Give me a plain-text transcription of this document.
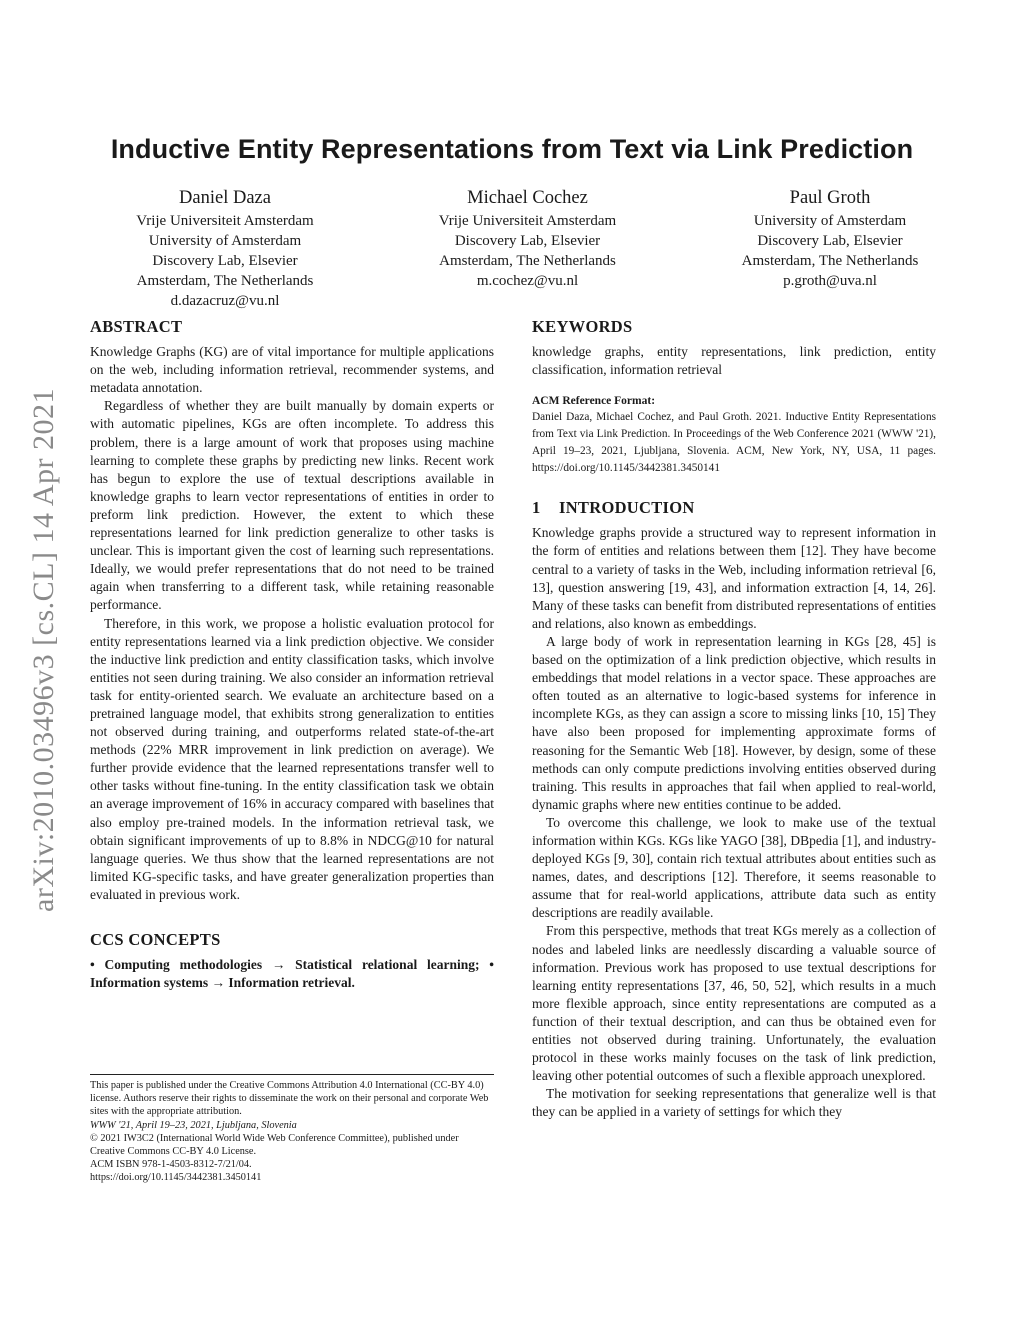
arXiv:2010.03496v3 [cs.CL] 14 Apr 2021
Inductive Entity Representations from Text via Link Prediction
Daniel Daza
Vrije Universiteit Amsterdam
University of Amsterdam
Discovery Lab, Elsevier
Amsterdam, The Netherlands
d.dazacruz@vu.nl
Michael Cochez
Vrije Universiteit Amsterdam
Discovery Lab, Elsevier
Amsterdam, The Netherlands
m.cochez@vu.nl
Paul Groth
University of Amsterdam
Discovery Lab, Elsevier
Amsterdam, The Netherlands
p.groth@uva.nl
ABSTRACT

Knowledge Graphs (KG) are of vital importance for multiple applications on the web, including information retrieval, recommender systems, and metadata annotation.

Regardless of whether they are built manually by domain experts or with automatic pipelines, KGs are often incomplete. To address this problem, there is a large amount of work that proposes using machine learning to complete these graphs by predicting new links. Recent work has begun to explore the use of textual descriptions available in knowledge graphs to learn vector representations of entities in order to preform link prediction. However, the extent to which these representations learned for link prediction generalize to other tasks is unclear. This is important given the cost of learning such representations. Ideally, we would prefer representations that do not need to be trained again when transferring to a different task, while retaining reasonable performance.

Therefore, in this work, we propose a holistic evaluation protocol for entity representations learned via a link prediction objective. We consider the inductive link prediction and entity classification tasks, which involve entities not seen during training. We also consider an information retrieval task for entity-oriented search. We evaluate an architecture based on a pretrained language model, that exhibits strong generalization to entities not observed during training, and outperforms related state-of-the-art methods (22% MRR improvement in link prediction on average). We further provide evidence that the learned representations transfer well to other tasks without fine-tuning. In the entity classification task we obtain an average improvement of 16% in accuracy compared with baselines that also employ pre-trained models. In the information retrieval task, we obtain significant improvements of up to 8.8% in NDCG@10 for natural language queries. We thus show that the learned representations are not limited KG-specific tasks, and have greater generalization properties than evaluated in previous work.

CCS CONCEPTS

• Computing methodologies → Statistical relational learning; • Information systems → Information retrieval.

This paper is published under the Creative Commons Attribution 4.0 International (CC-BY 4.0) license. Authors reserve their rights to disseminate the work on their personal and corporate Web sites with the appropriate attribution.

WWW '21, April 19–23, 2021, Ljubljana, Slovenia

© 2021 IW3C2 (International World Wide Web Conference Committee), published under Creative Commons CC-BY 4.0 License.

ACM ISBN 978-1-4503-8312-7/21/04.

https://doi.org/10.1145/3442381.3450141

KEYWORDS

knowledge graphs, entity representations, link prediction, entity classification, information retrieval

ACM Reference Format:
Daniel Daza, Michael Cochez, and Paul Groth. 2021. Inductive Entity Representations from Text via Link Prediction. In Proceedings of the Web Conference 2021 (WWW '21), April 19–23, 2021, Ljubljana, Slovenia. ACM, New York, NY, USA, 11 pages. https://doi.org/10.1145/3442381.3450141
1 INTRODUCTION

Knowledge graphs provide a structured way to represent information in the form of entities and relations between them [12]. They have become central to a variety of tasks in the Web, including information retrieval [6, 13], question answering [19, 43], and information extraction [4, 14, 26]. Many of these tasks can benefit from distributed representations of entities and relations, also known as embeddings.

A large body of work in representation learning in KGs [28, 45] is based on the optimization of a link prediction objective, which results in embeddings that model relations in a vector space. These approaches are often touted as an alternative to logic-based systems for inference in incomplete KGs, as they can assign a score to missing links [10, 15] They have also been proposed for implementing approximate forms of reasoning for the Semantic Web [18]. However, by design, some of these methods can only compute predictions involving entities observed during training. This results in approaches that fail when applied to real-world, dynamic graphs where new entities continue to be added.

To overcome this challenge, we look to make use of the textual information within KGs. KGs like YAGO [38], DBpedia [1], and industry-deployed KGs [9, 30], contain rich textual attributes about entities such as names, dates, and descriptions [12]. Therefore, it seems reasonable to assume that for real-world applications, attribute data such as entity descriptions are readily available.

From this perspective, methods that treat KGs merely as a collection of nodes and labeled links are needlessly discarding a valuable source of information. Previous work has proposed to use textual descriptions for learning entity representations [37, 46, 50, 52], which results in a much more flexible approach, since entity representations are computed as a function of their textual description, and can thus be obtained even for entities not observed during training. Unfortunately, the evaluation protocol in these works mainly focuses on the task of link prediction, leaving other potential outcomes of such a flexible approach unexplored.

The motivation for seeking representations that generalize well is that they can be applied in a variety of settings for which they
